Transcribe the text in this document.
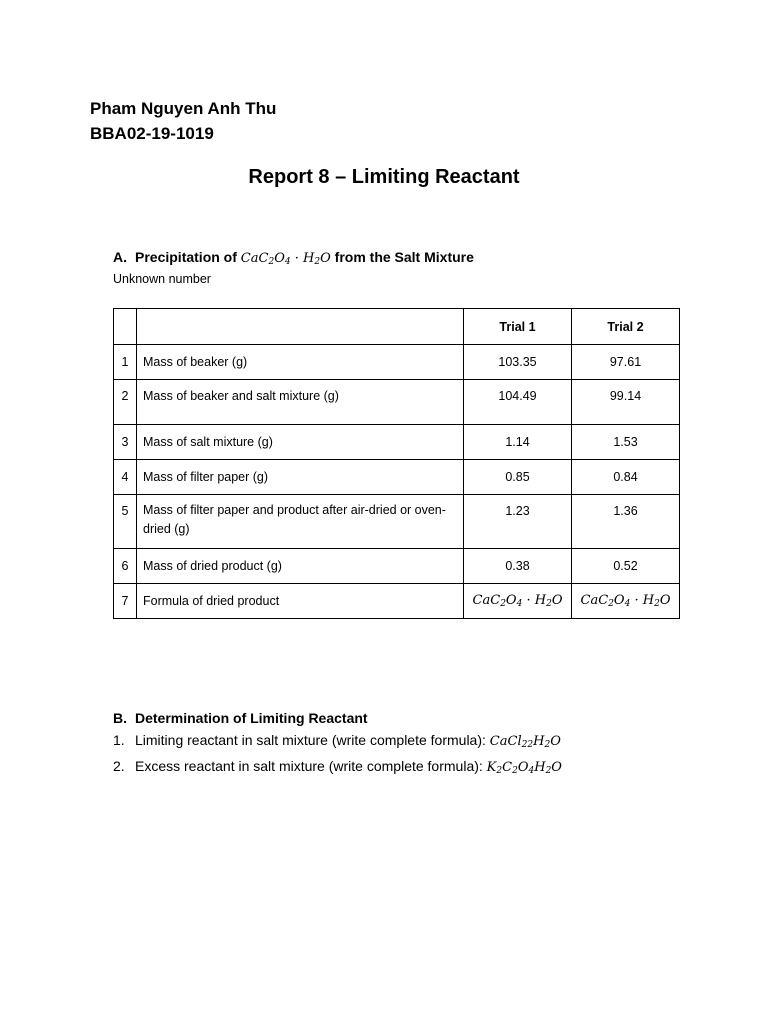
Pham Nguyen Anh Thu
BBA02-19-1019
Report 8 – Limiting Reactant
A. Precipitation of $CaC_2O_4 \cdot H_2O$ from the Salt Mixture
Unknown number
		Trial 1	Trial 2
1	Mass of beaker (g)	103.35	97.61
2	Mass of beaker and salt mixture (g)	104.49	99.14
3	Mass of salt mixture (g)	1.14	1.53
4	Mass of filter paper (g)	0.85	0.84
5	Mass of filter paper and product after air-dried or oven-dried (g)	1.23	1.36
6	Mass of dried product (g)	0.38	0.52
7	Formula of dried product	$CaC_2O_4 \cdot H_2O$	$CaC_2O_4 \cdot H_2O$
B. Determination of Limiting Reactant
1. Limiting reactant in salt mixture (write complete formula): $CaCl_{22}H_2O$
2. Excess reactant in salt mixture (write complete formula): $K_2C_2O_4H_2O$
